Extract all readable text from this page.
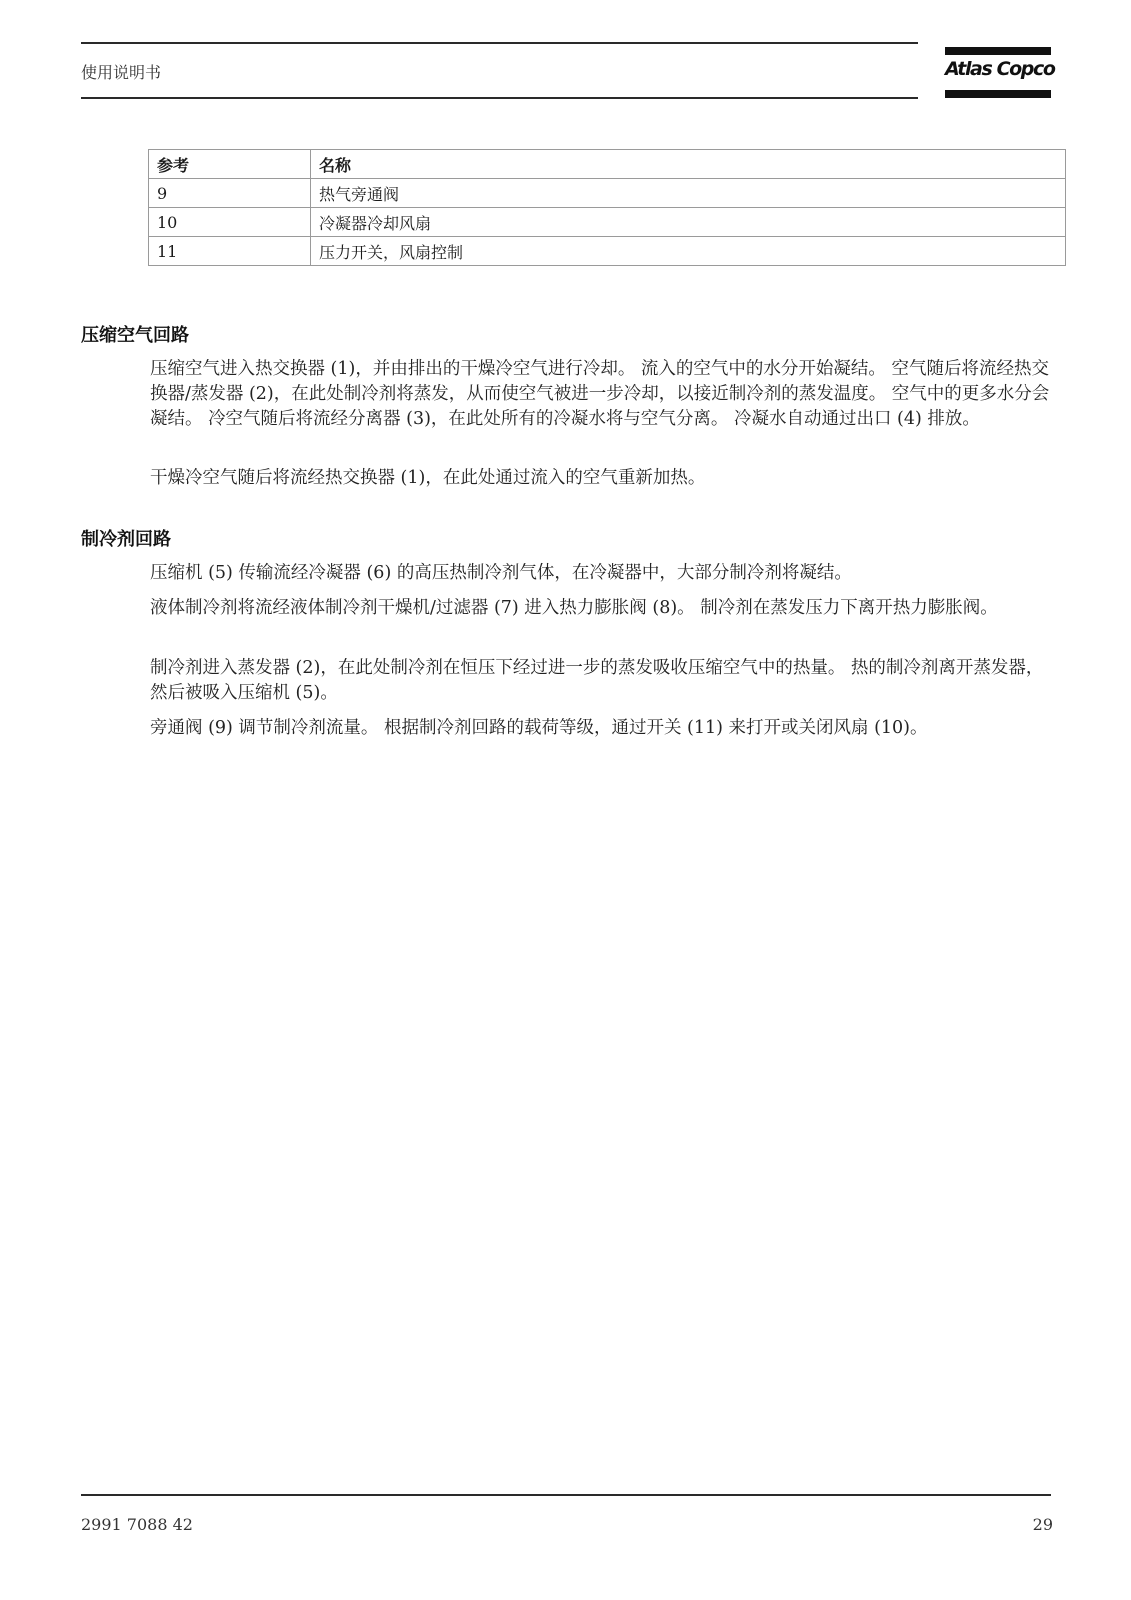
使用说明书	Atlas Copco
参考	名称
9	热气旁通阀
10	冷凝器冷却风扇
11	压力开关，风扇控制
压缩空气回路

压缩空气进入热交换器 (1)，并由排出的干燥冷空气进行冷却。 流入的空气中的水分开始凝结。 空气随后将流经热交换器/蒸发器 (2)，在此处制冷剂将蒸发，从而使空气被进一步冷却，以接近制冷剂的蒸发温度。 空气中的更多水分会凝结。 冷空气随后将流经分离器 (3)，在此处所有的冷凝水将与空气分离。 冷凝水自动通过出口 (4) 排放。

干燥冷空气随后将流经热交换器 (1)，在此处通过流入的空气重新加热。

制冷剂回路

压缩机 (5) 传输流经冷凝器 (6) 的高压热制冷剂气体，在冷凝器中，大部分制冷剂将凝结。

液体制冷剂将流经液体制冷剂干燥机/过滤器 (7) 进入热力膨胀阀 (8)。 制冷剂在蒸发压力下离开热力膨胀阀。

制冷剂进入蒸发器 (2)，在此处制冷剂在恒压下经过进一步的蒸发吸收压缩空气中的热量。 热的制冷剂离开蒸发器，然后被吸入压缩机 (5)。

旁通阀 (9) 调节制冷剂流量。 根据制冷剂回路的载荷等级，通过开关 (11) 来打开或关闭风扇 (10)。

2991 7088 42	29
